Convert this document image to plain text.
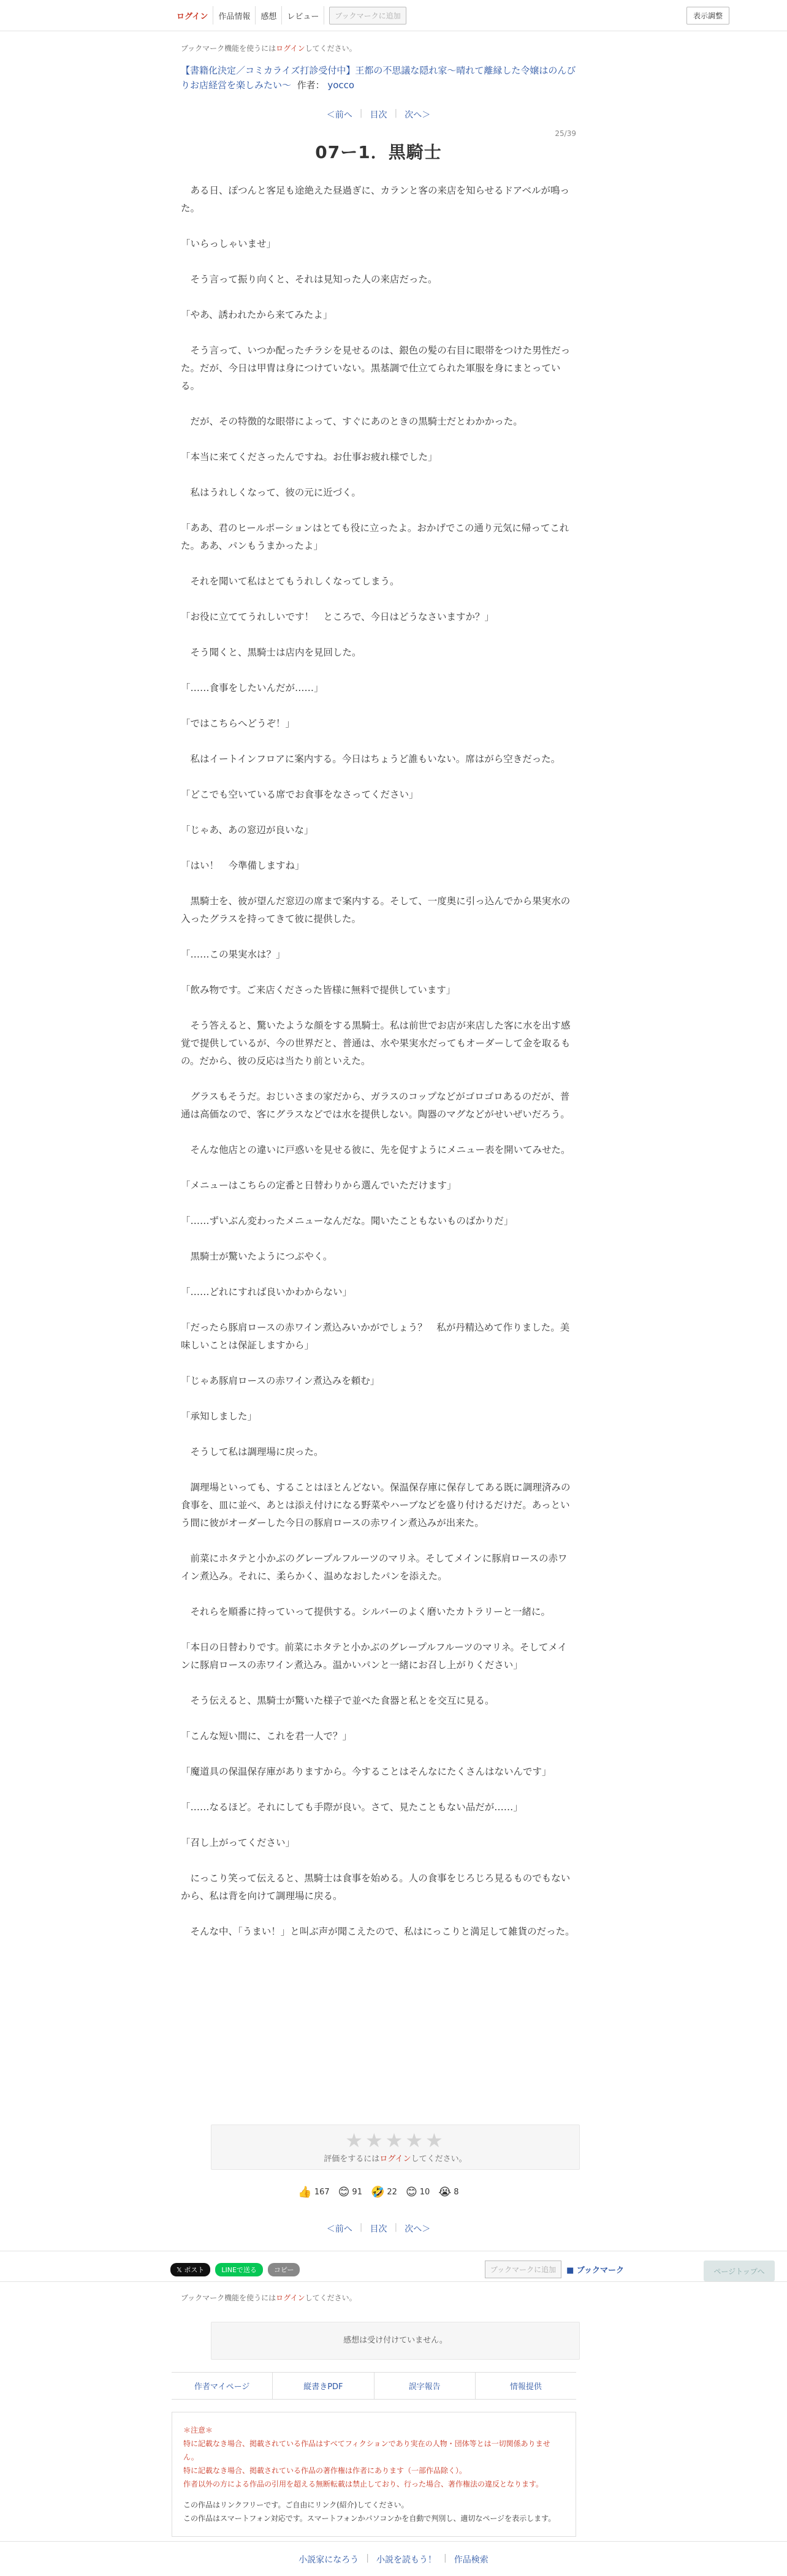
ログイン	作品情報	感想	レビュー	ブックマークに追加	表示調整
ブックマーク機能を使うにはログインしてください。
【書籍化決定／コミカライズ打診受付中】王都の不思議な隠れ家〜晴れて離縁した令嬢はのんびりお店経営を楽しみたい〜 作者： yocco
＜前へ | 目次 | 次へ＞
25/39
07ー1．黒騎士

　ある日、ぽつんと客足も途絶えた昼過ぎに、カランと客の来店を知らせるドアベルが鳴った。

「いらっしゃいませ」

　そう言って振り向くと、それは見知った人の来店だった。

「やあ、誘われたから来てみたよ」

　そう言って、いつか配ったチラシを見せるのは、銀色の髪の右目に眼帯をつけた男性だった。だが、今日は甲冑は身につけていない。黒基調で仕立てられた軍服を身にまとっている。

　だが、その特徴的な眼帯によって、すぐにあのときの黒騎士だとわかかった。

「本当に来てくださったんですね。お仕事お疲れ様でした」

　私はうれしくなって、彼の元に近づく。

「ああ、君のヒールポーションはとても役に立ったよ。おかげでこの通り元気に帰ってこれた。ああ、パンもうまかったよ」

　それを聞いて私はとてもうれしくなってしまう。

「お役に立ててうれしいです！　ところで、今日はどうなさいますか？」

　そう聞くと、黒騎士は店内を見回した。

「……食事をしたいんだが……」

「ではこちらへどうぞ！」

　私はイートインフロアに案内する。今日はちょうど誰もいない。席はがら空きだった。

「どこでも空いている席でお食事をなさってください」

「じゃあ、あの窓辺が良いな」

「はい！　今準備しますね」

　黒騎士を、彼が望んだ窓辺の席まで案内する。そして、一度奥に引っ込んでから果実水の入ったグラスを持ってきて彼に提供した。

「……この果実水は？」

「飲み物です。ご来店くださった皆様に無料で提供しています」

　そう答えると、驚いたような顔をする黒騎士。私は前世でお店が来店した客に水を出す感覚で提供しているが、今の世界だと、普通は、水や果実水だってもオーダーして金を取るもの。だから、彼の反応は当たり前といえた。

　グラスもそうだ。おじいさまの家だから、ガラスのコップなどがゴロゴロあるのだが、普通は高価なので、客にグラスなどでは水を提供しない。陶器のマグなどがせいぜいだろう。

　そんな他店との違いに戸惑いを見せる彼に、先を促すようにメニュー表を開いてみせた。

「メニューはこちらの定番と日替わりから選んでいただけます」

「……ずいぶん変わったメニューなんだな。聞いたこともないものばかりだ」

　黒騎士が驚いたようにつぶやく。

「……どれにすれば良いかわからない」

「だったら豚肩ロースの赤ワイン煮込みいかがでしょう？　私が丹精込めて作りました。美味しいことは保証しますから」

「じゃあ豚肩ロースの赤ワイン煮込みを頼む」

「承知しました」

　そうして私は調理場に戻った。

　調理場といっても、することはほとんどない。保温保存庫に保存してある既に調理済みの食事を、皿に並べ、あとは添え付けになる野菜やハーブなどを盛り付けるだけだ。あっという間に彼がオーダーした今日の豚肩ロースの赤ワイン煮込みが出来た。

　前菜にホタテと小かぶのグレープルフルーツのマリネ。そしてメインに豚肩ロースの赤ワイン煮込み。それに、柔らかく、温めなおしたパンを添えた。

　それらを順番に持っていって提供する。シルバーのよく磨いたカトラリーと一緒に。

「本日の日替わりです。前菜にホタテと小かぶのグレープルフルーツのマリネ。そしてメインに豚肩ロースの赤ワイン煮込み。温かいパンと一緒にお召し上がりください」

　そう伝えると、黒騎士が驚いた様子で並べた食器と私とを交互に見る。

「こんな短い間に、これを君一人で？」

「魔道具の保温保存庫がありますから。今することはそんなにたくさんはないんです」

「……なるほど。それにしても手際が良い。さて、見たこともない品だが……」

「召し上がってください」

　にっこり笑って伝えると、黒騎士は食事を始める。人の食事をじろじろ見るものでもないから、私は背を向けて調理場に戻る。

　そんな中、「うまい！」と叫ぶ声が聞こえたので、私はにっこりと満足して雑貨のだった。

★★★★★
評価をするにはログインしてください。
👍 167 😊 91 🤣 22 😊 10 😭 8
＜前へ | 目次 | 次へ＞
𝕏 ポスト	LINEで送る	コピー	ブックマークに追加	■ ブックマーク	ページトップへ
ブックマーク機能を使うにはログインしてください。
感想は受け付けていません。
作者マイページ	縦書きPDF	誤字報告	情報提供
＊注意＊
特に記載なき場合、掲載されている作品はすべてフィクションであり実在の人物・団体等とは一切関係ありません。
特に記載なき場合、掲載されている作品の著作権は作者にあります（一部作品除く）。
作者以外の方による作品の引用を超える無断転載は禁止しており、行った場合、著作権法の違反となります。
この作品はリンクフリーです。ご自由にリンク(紹介)してください。
この作品はスマートフォン対応です。スマートフォンかパソコンかを自動で判別し、適切なページを表示します。
小説家になろう | 小説を読もう！ | 作品検索
